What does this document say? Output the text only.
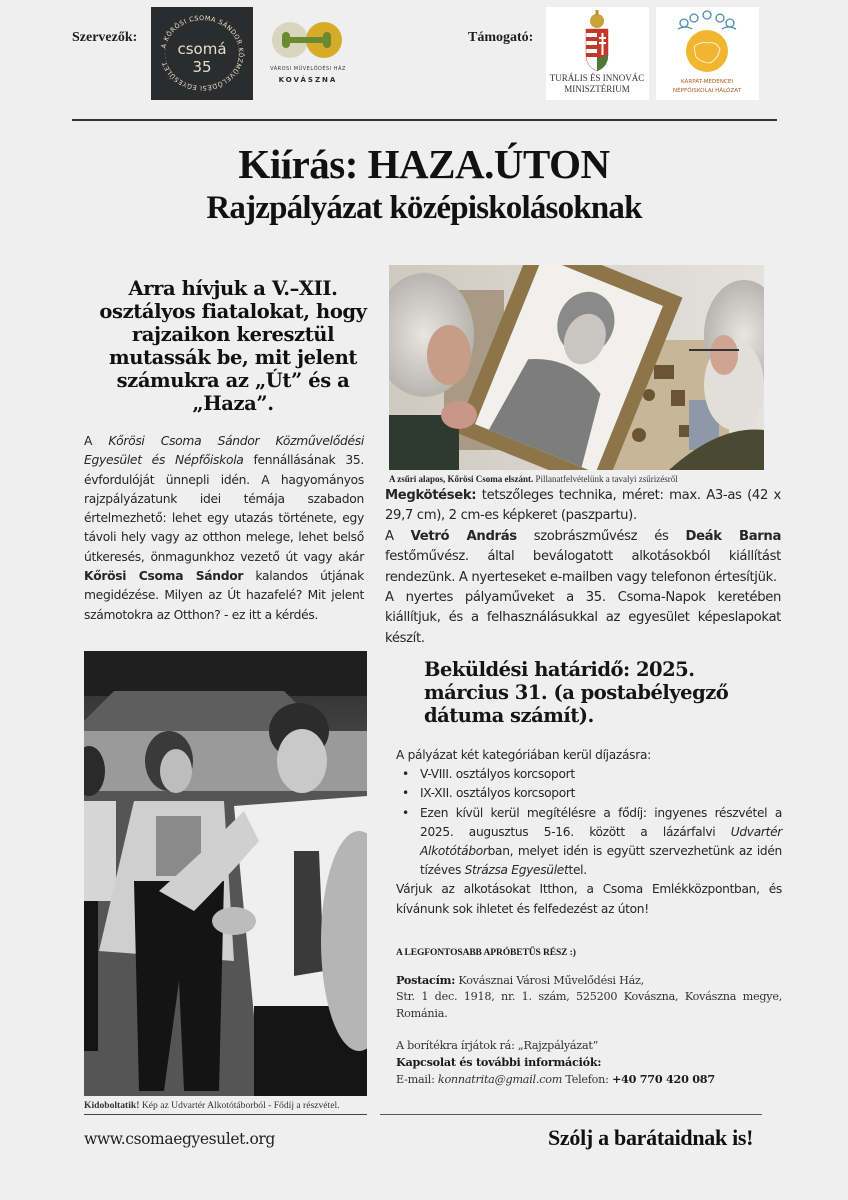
Szervezők:
A KŐRÖSI CSOMA SÁNDOR KÖZMŰVELŐDÉSI EGYESÜLET
csomá
35	VÁROSI MŰVELŐDÉSI HÁZ
KOVÁSZNA
Támogató:
TURÁLIS ÉS INNOVÁC
MINISZTÉRIUM
KÁRPÁT-MEDENCEI
NÉPFŐISKOLAI HÁLÓZAT
Kiírás: HAZA.ÚTON
Rajzpályázat középiskolásoknak
Arra hívjuk a V.–XII. osztályos fiatalokat, hogy rajzaikon keresztül mutassák be, mit jelent számukra az „Út” és a „Haza”.

A Kőrösi Csoma Sándor Közművelődési Egyesület és Népfőiskola fennállásának 35. évfordulóját ünnepli idén. A hagyományos rajzpályázatunk idei témája szabadon értelmezhető: lehet egy utazás története, egy távoli hely vagy az otthon melege, lehet belső útkeresés, önmagunkhoz vezető út vagy akár Kőrösi Csoma Sándor kalandos útjának megidézése. Milyen az Út hazafelé? Mit jelent számotokra az Otthon? - ez itt a kérdés.

A zsűri alapos, Kőrösi Csoma elszánt. Pillanatfelvételünk a tavalyi zsűrizésről

Megkötések: tetszőleges technika, méret: max. A3-as (42 x 29,7 cm), 2 cm-es képkeret (paszpartu).

A Vetró András szobrászművész és Deák Barna festőművész. által beválogatott alkotásokból kiállítást rendezünk. A nyerteseket e-mailben vagy telefonon értesítjük.

A nyertes pályaműveket a 35. Csoma-Napok keretében kiállítjuk, és a felhasználásukkal az egyesület képeslapokat készít.

Kidoboltatik! Kép az Udvartér Alkotótáborból - Fődíj a részvétel.
Beküldési határidő: 2025. március 31. (a postabélyegző dátuma számít).

A pályázat két kategóriában kerül díjazásra:

• V-VIII. osztályos korcsoport
• IX-XII. osztályos korcsoport
• Ezen kívül kerül megítélésre a fődíj: ingyenes részvétel a 2025. augusztus 5-16. között a lázárfalvi Udvartér Alkotótáborban, melyet idén is együtt szervezhetünk az idén tízéves Strázsa Egyesülettel.

Várjuk az alkotásokat Itthon, a Csoma Emlékközpontban, és kívánunk sok ihletet és felfedezést az úton!

A LEGFONTOSABB APRÓBETŰS RÉSZ :)

Postacím: Kovásznai Városi Művelődési Ház,

Str. 1 dec. 1918, nr. 1. szám, 525200 Kovászna, Kovászna megye, Románia.

A borítékra írjátok rá: „Rajzpályázat”

Kapcsolat és további információk:

E-mail: konnatrita@gmail.com Telefon: +40 770 420 087

www.csomaegyesulet.org	Szólj a barátaidnak is!
